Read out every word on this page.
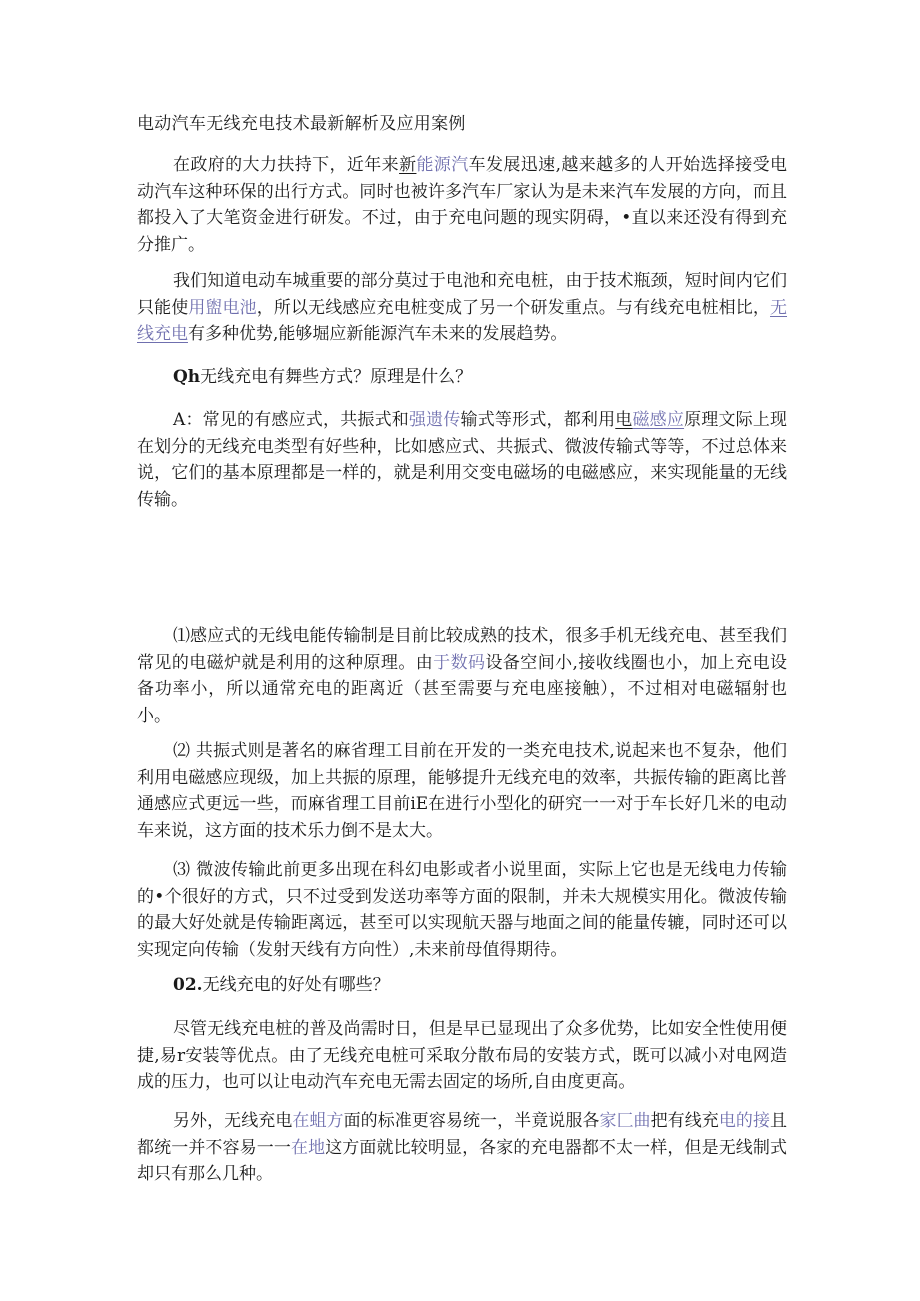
电动汽车无线充电技术最新解析及应用案例
在政府的大力扶持下，近年来新能源汽车发展迅速,越来越多的人开始选择接受电动汽车这种环保的出行方式。同时也被许多汽车厂家认为是未来汽车发展的方向，而且都投入了大笔资金进行研发。不过，由于充电问题的现实阴碍，•直以来还没有得到充分推广。
我们知道电动车城重要的部分莫过于电池和充电桩，由于技术瓶颈，短时间内它们只能使用盥电池，所以无线感应充电桩变成了另一个研发重点。与有线充电桩相比，无线充电有多种优势,能够堀应新能源汽车未来的发展趋势。
Qh无线充电有舞些方式？原理是什么？
A：常见的有感应式，共振式和强遗传输式等形式，都利用电磁感应原理文际上现在划分的无线充电类型有好些种，比如感应式、共振式、微波传输式等等，不过总体来说，它们的基本原理都是一样的，就是利用交变电磁场的电磁感应，来实现能量的无线传输。
⑴感应式的无线电能传输制是目前比较成熟的技术，很多手机无线充电、甚至我们常见的电磁炉就是利用的这种原理。由于数码设备空间小,接收线圈也小，加上充电设备功率小，所以通常充电的距离近（甚至需要与充电座接触），不过相对电磁辐射也小。
⑵ 共振式则是著名的麻省理工目前在开发的一类充电技术,说起来也不复杂，他们利用电磁感应现级，加上共振的原理，能够提升无线充电的效率，共振传输的距离比普通感应式更远一些，而麻省理工目前iE在进行小型化的研究一一对于车长好几米的电动车来说，这方面的技术乐力倒不是太大。
⑶ 微波传输此前更多出现在科幻电影或者小说里面，实际上它也是无线电力传输的•个很好的方式，只不过受到发送功率等方面的限制，并未大规模实用化。微波传输的最大好处就是传输距离远，甚至可以实现航天器与地面之间的能量传辘，同时还可以实现定向传输（发射天线有方向性）,未来前母值得期待。
02.无线充电的好处有哪些？
尽管无线充电桩的普及尚需时日，但是早已显现出了众多优势，比如安全性使用便捷,易r安装等优点。由了无线充电桩可采取分散布局的安装方式，既可以减小对电网造成的压力，也可以让电动汽车充电无需去固定的场所,自由度更高。
另外，无线充电在蛆方面的标准更容易统一，半竟说服各家匚曲把有线充电的接且都统一并不容易一一在地这方面就比较明显，各家的充电器都不太一样，但是无线制式却只有那么几种。
